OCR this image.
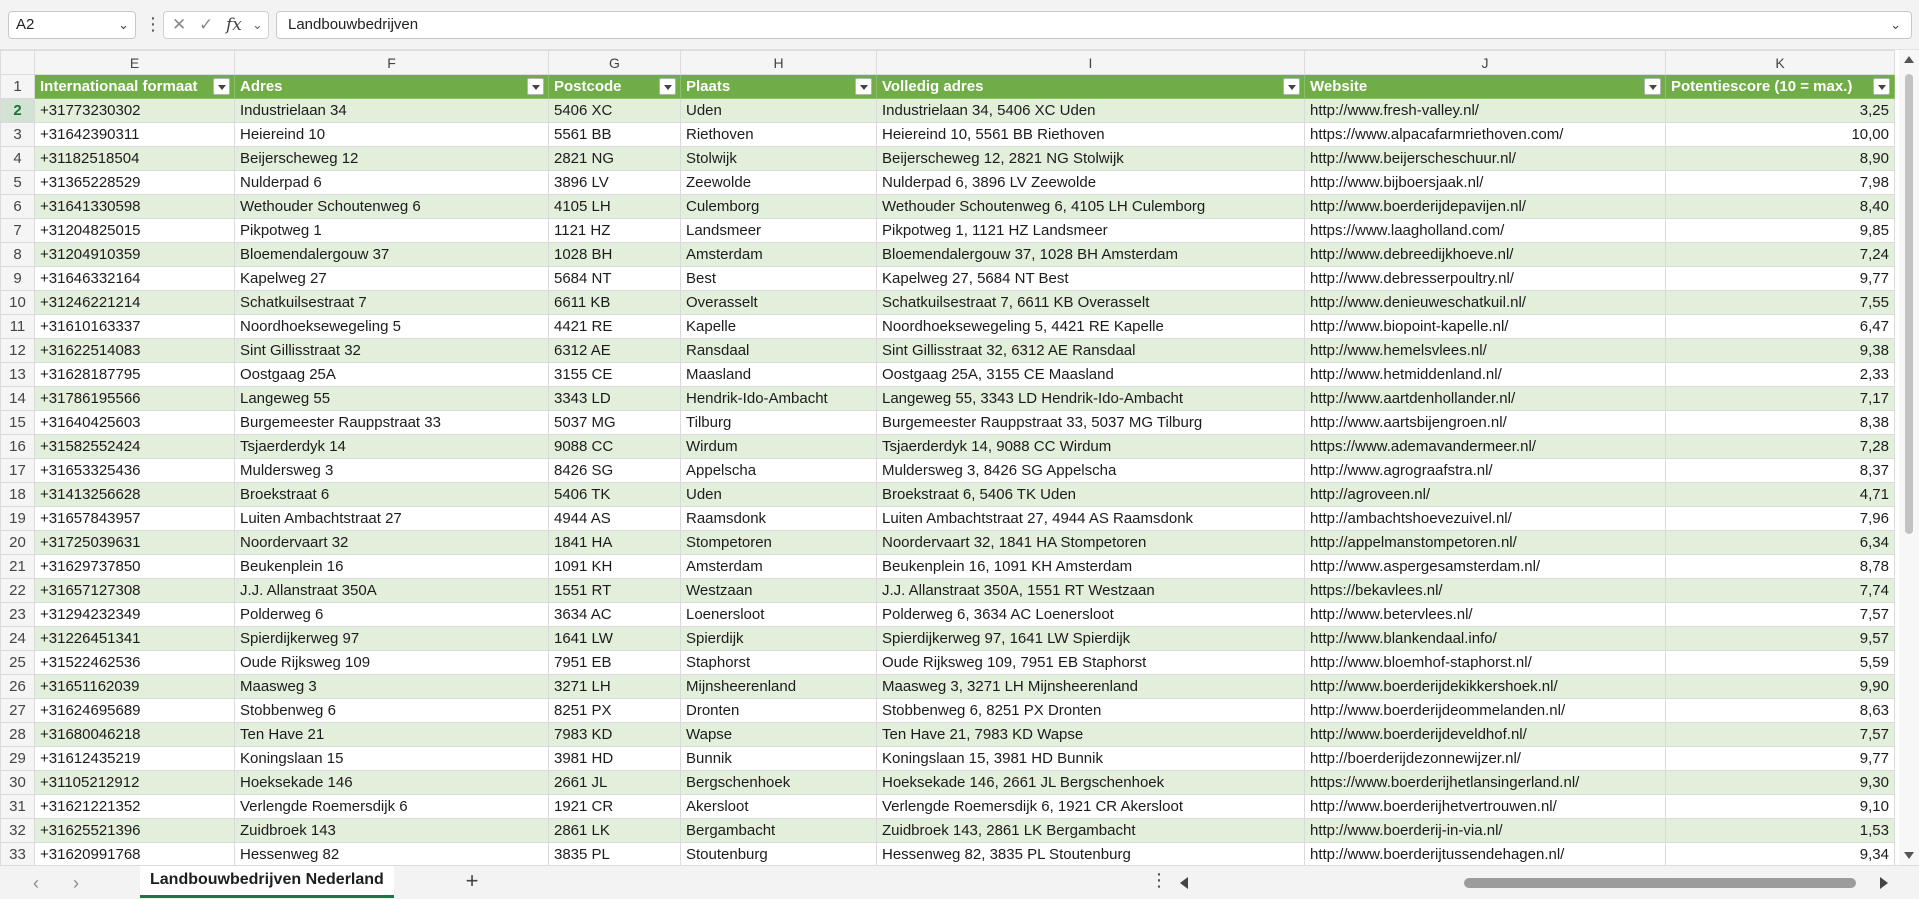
A2	⌄ ⋮ ✕ ✓ fx ⌄	Landbouwbedrijven	⌄
	E	F	G	H	I	J	K
1	Internationaal formaat	Adres	Postcode	Plaats	Volledig adres	Website	Potentiescore (10 = max.)

2	+31773230302	Industrielaan 34	5406 XC	Uden	Industrielaan 34, 5406 XC Uden	http://www.fresh-valley.nl/	3,25
3	+31642390311	Heiereind 10	5561 BB	Riethoven	Heiereind 10, 5561 BB Riethoven	https://www.alpacafarmriethoven.com/	10,00
4	+31182518504	Beijerscheweg 12	2821 NG	Stolwijk	Beijerscheweg 12, 2821 NG Stolwijk	http://www.beijerscheschuur.nl/	8,90
5	+31365228529	Nulderpad 6	3896 LV	Zeewolde	Nulderpad 6, 3896 LV Zeewolde	http://www.bijboersjaak.nl/	7,98
6	+31641330598	Wethouder Schoutenweg 6	4105 LH	Culemborg	Wethouder Schoutenweg 6, 4105 LH Culemborg	http://www.boerderijdepavijen.nl/	8,40
7	+31204825015	Pikpotweg 1	1121 HZ	Landsmeer	Pikpotweg 1, 1121 HZ Landsmeer	https://www.laagholland.com/	9,85
8	+31204910359	Bloemendalergouw 37	1028 BH	Amsterdam	Bloemendalergouw 37, 1028 BH Amsterdam	http://www.debreedijkhoeve.nl/	7,24
9	+31646332164	Kapelweg 27	5684 NT	Best	Kapelweg 27, 5684 NT Best	http://www.debresserpoultry.nl/	9,77
10	+31246221214	Schatkuilsestraat 7	6611 KB	Overasselt	Schatkuilsestraat 7, 6611 KB Overasselt	http://www.denieuweschatkuil.nl/	7,55
11	+31610163337	Noordhoeksewegeling 5	4421 RE	Kapelle	Noordhoeksewegeling 5, 4421 RE Kapelle	http://www.biopoint-kapelle.nl/	6,47
12	+31622514083	Sint Gillisstraat 32	6312 AE	Ransdaal	Sint Gillisstraat 32, 6312 AE Ransdaal	http://www.hemelsvlees.nl/	9,38
13	+31628187795	Oostgaag 25A	3155 CE	Maasland	Oostgaag 25A, 3155 CE Maasland	http://www.hetmiddenland.nl/	2,33
14	+31786195566	Langeweg 55	3343 LD	Hendrik-Ido-Ambacht	Langeweg 55, 3343 LD Hendrik-Ido-Ambacht	http://www.aartdenhollander.nl/	7,17
15	+31640425603	Burgemeester Rauppstraat 33	5037 MG	Tilburg	Burgemeester Rauppstraat 33, 5037 MG Tilburg	http://www.aartsbijengroen.nl/	8,38
16	+31582552424	Tsjaerderdyk 14	9088 CC	Wirdum	Tsjaerderdyk 14, 9088 CC Wirdum	https://www.ademavandermeer.nl/	7,28
17	+31653325436	Muldersweg 3	8426 SG	Appelscha	Muldersweg 3, 8426 SG Appelscha	http://www.agrograafstra.nl/	8,37
18	+31413256628	Broekstraat 6	5406 TK	Uden	Broekstraat 6, 5406 TK Uden	http://agroveen.nl/	4,71
19	+31657843957	Luiten Ambachtstraat 27	4944 AS	Raamsdonk	Luiten Ambachtstraat 27, 4944 AS Raamsdonk	http://ambachtshoevezuivel.nl/	7,96
20	+31725039631	Noordervaart 32	1841 HA	Stompetoren	Noordervaart 32, 1841 HA Stompetoren	http://appelmanstompetoren.nl/	6,34
21	+31629737850	Beukenplein 16	1091 KH	Amsterdam	Beukenplein 16, 1091 KH Amsterdam	http://www.aspergesamsterdam.nl/	8,78
22	+31657127308	J.J. Allanstraat 350A	1551 RT	Westzaan	J.J. Allanstraat 350A, 1551 RT Westzaan	https://bekavlees.nl/	7,74
23	+31294232349	Polderweg 6	3634 AC	Loenersloot	Polderweg 6, 3634 AC Loenersloot	http://www.betervlees.nl/	7,57
24	+31226451341	Spierdijkerweg 97	1641 LW	Spierdijk	Spierdijkerweg 97, 1641 LW Spierdijk	http://www.blankendaal.info/	9,57
25	+31522462536	Oude Rijksweg 109	7951 EB	Staphorst	Oude Rijksweg 109, 7951 EB Staphorst	http://www.bloemhof-staphorst.nl/	5,59
26	+31651162039	Maasweg 3	3271 LH	Mijnsheerenland	Maasweg 3, 3271 LH Mijnsheerenland	http://www.boerderijdekikkershoek.nl/	9,90
27	+31624695689	Stobbenweg 6	8251 PX	Dronten	Stobbenweg 6, 8251 PX Dronten	http://www.boerderijdeommelanden.nl/	8,63
28	+31680046218	Ten Have 21	7983 KD	Wapse	Ten Have 21, 7983 KD Wapse	http://www.boerderijdeveldhof.nl/	7,57
29	+31612435219	Koningslaan 15	3981 HD	Bunnik	Koningslaan 15, 3981 HD Bunnik	http://boerderijdezonnewijzer.nl/	9,77
30	+31105212912	Hoeksekade 146	2661 JL	Bergschenhoek	Hoeksekade 146, 2661 JL Bergschenhoek	https://www.boerderijhetlansingerland.nl/	9,30
31	+31621221352	Verlengde Roemersdijk 6	1921 CR	Akersloot	Verlengde Roemersdijk 6, 1921 CR Akersloot	http://www.boerderijhetvertrouwen.nl/	9,10
32	+31625521396	Zuidbroek 143	2861 LK	Bergambacht	Zuidbroek 143, 2861 LK Bergambacht	http://www.boerderij-in-via.nl/	1,53
33	+31620991768	Hessenweg 82	3835 PL	Stoutenburg	Hessenweg 82, 3835 PL Stoutenburg	http://www.boerderijtussendehagen.nl/	9,34
‹	›	Landbouwbedrijven Nederland	+	⋮
